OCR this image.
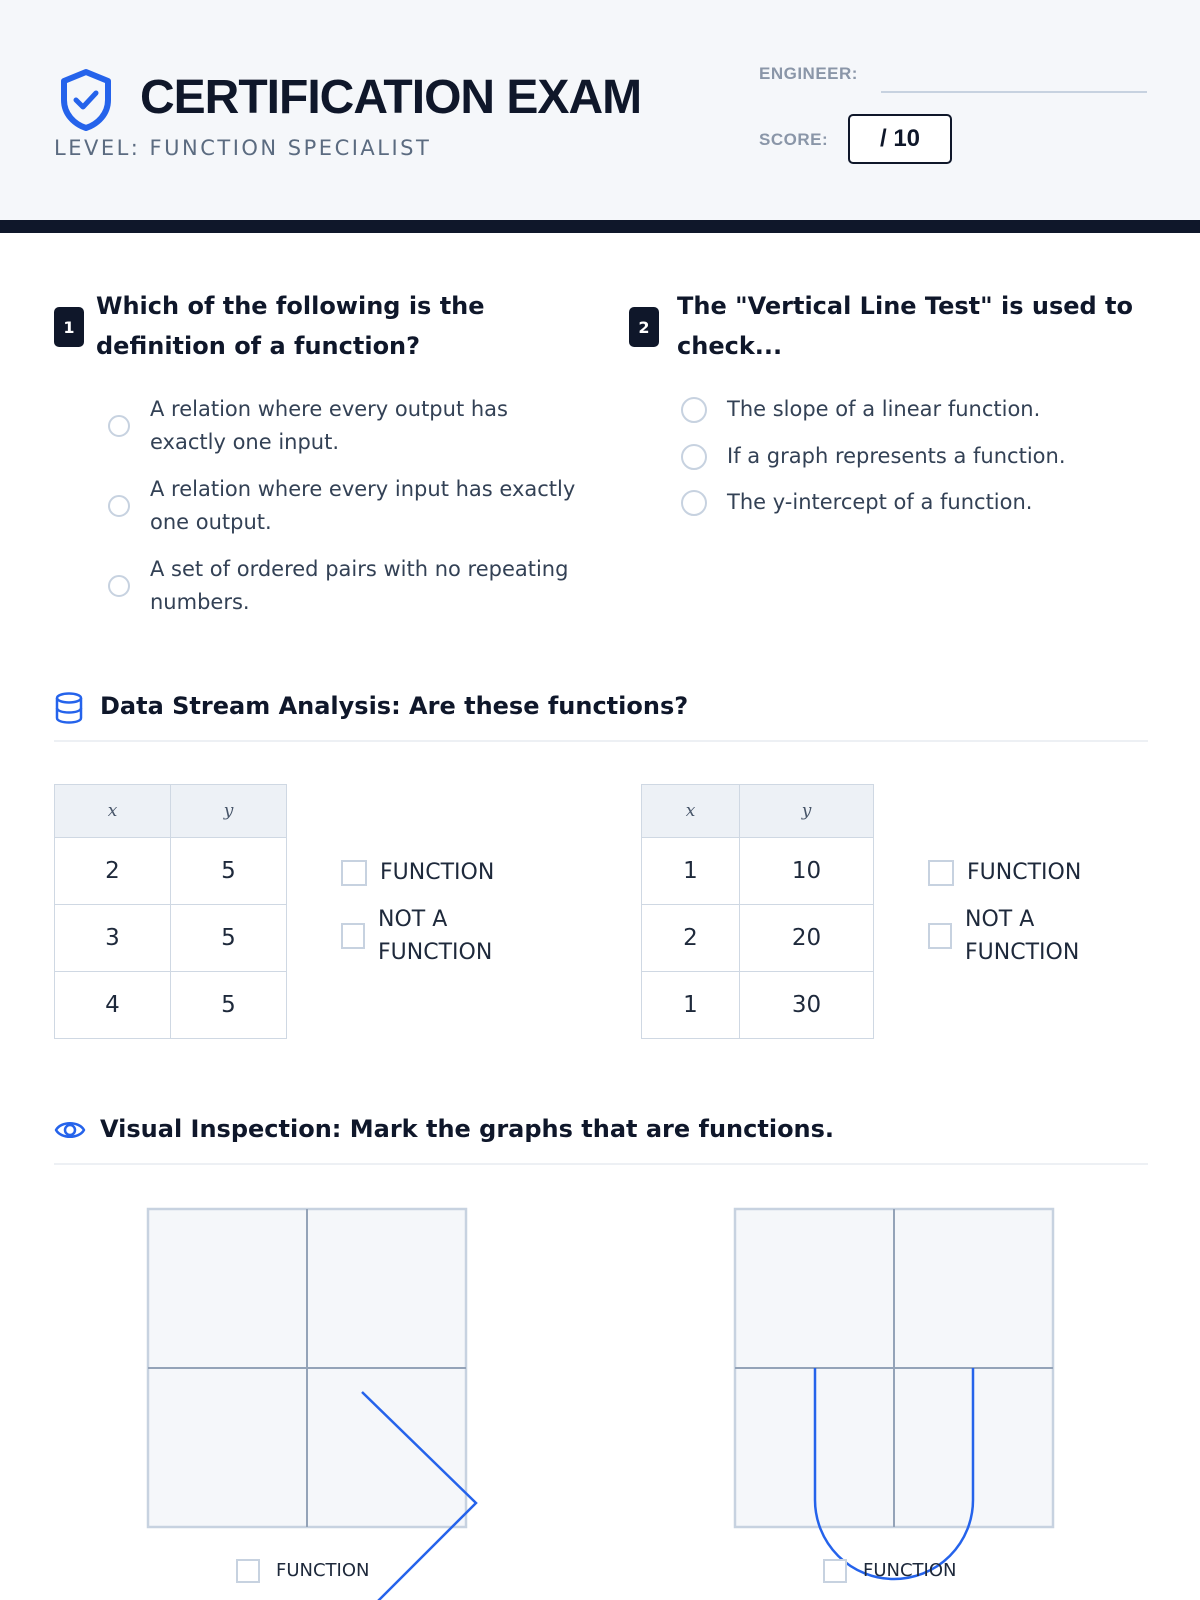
CERTIFICATION EXAM
LEVEL: FUNCTION SPECIALIST
ENGINEER:
SCORE: / 10
1

Which of the following is the definition of a function?

A relation where every output has exactly one input.
A relation where every input has exactly one output.
A set of ordered pairs with no repeating numbers.
2

The "Vertical Line Test" is used to check...

The slope of a linear function.
If a graph represents a function.
The y-intercept of a function.
Data Stream Analysis: Are these functions?
x	y
2	5
3	5
4	5
FUNCTION
NOT A FUNCTION
x	y
1	10
2	20
1	30
FUNCTION
NOT A FUNCTION
Visual Inspection: Mark the graphs that are functions.
FUNCTION	FUNCTION
